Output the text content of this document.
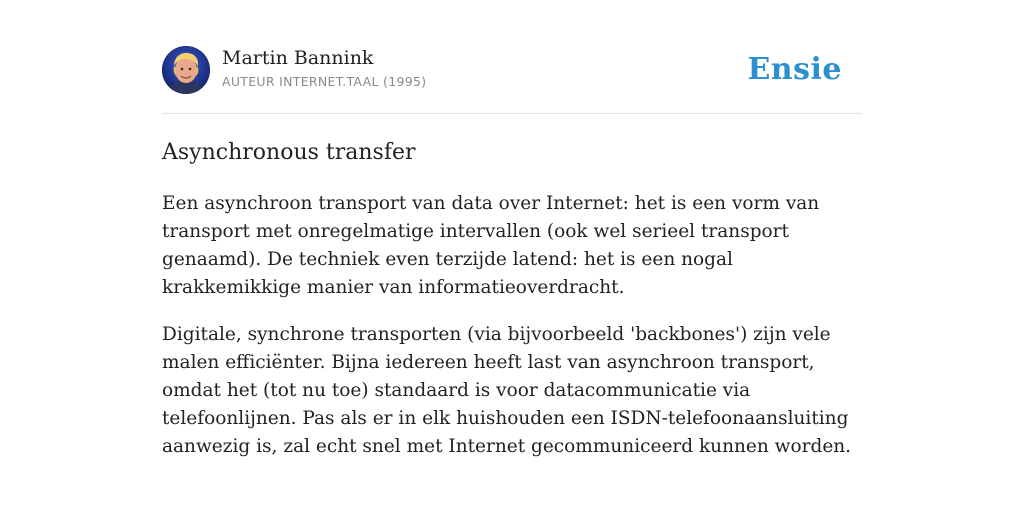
Martin Bannink
AUTEUR INTERNET.TAAL (1995)	Ensie
Asynchronous transfer

Een asynchroon transport van data over Internet: het is een vorm van transport met onregelmatige intervallen (ook wel serieel transport genaamd). De techniek even terzijde latend: het is een nogal krakkemikkige manier van informatieoverdracht.

Digitale, synchrone transporten (via bijvoorbeeld 'backbones') zijn vele malen efficiënter. Bijna iedereen heeft last van asynchroon transport, omdat het (tot nu toe) standaard is voor datacommunicatie via telefoonlijnen. Pas als er in elk huishouden een ISDN-telefoonaansluiting aanwezig is, zal echt snel met Internet gecommuniceerd kunnen worden.
